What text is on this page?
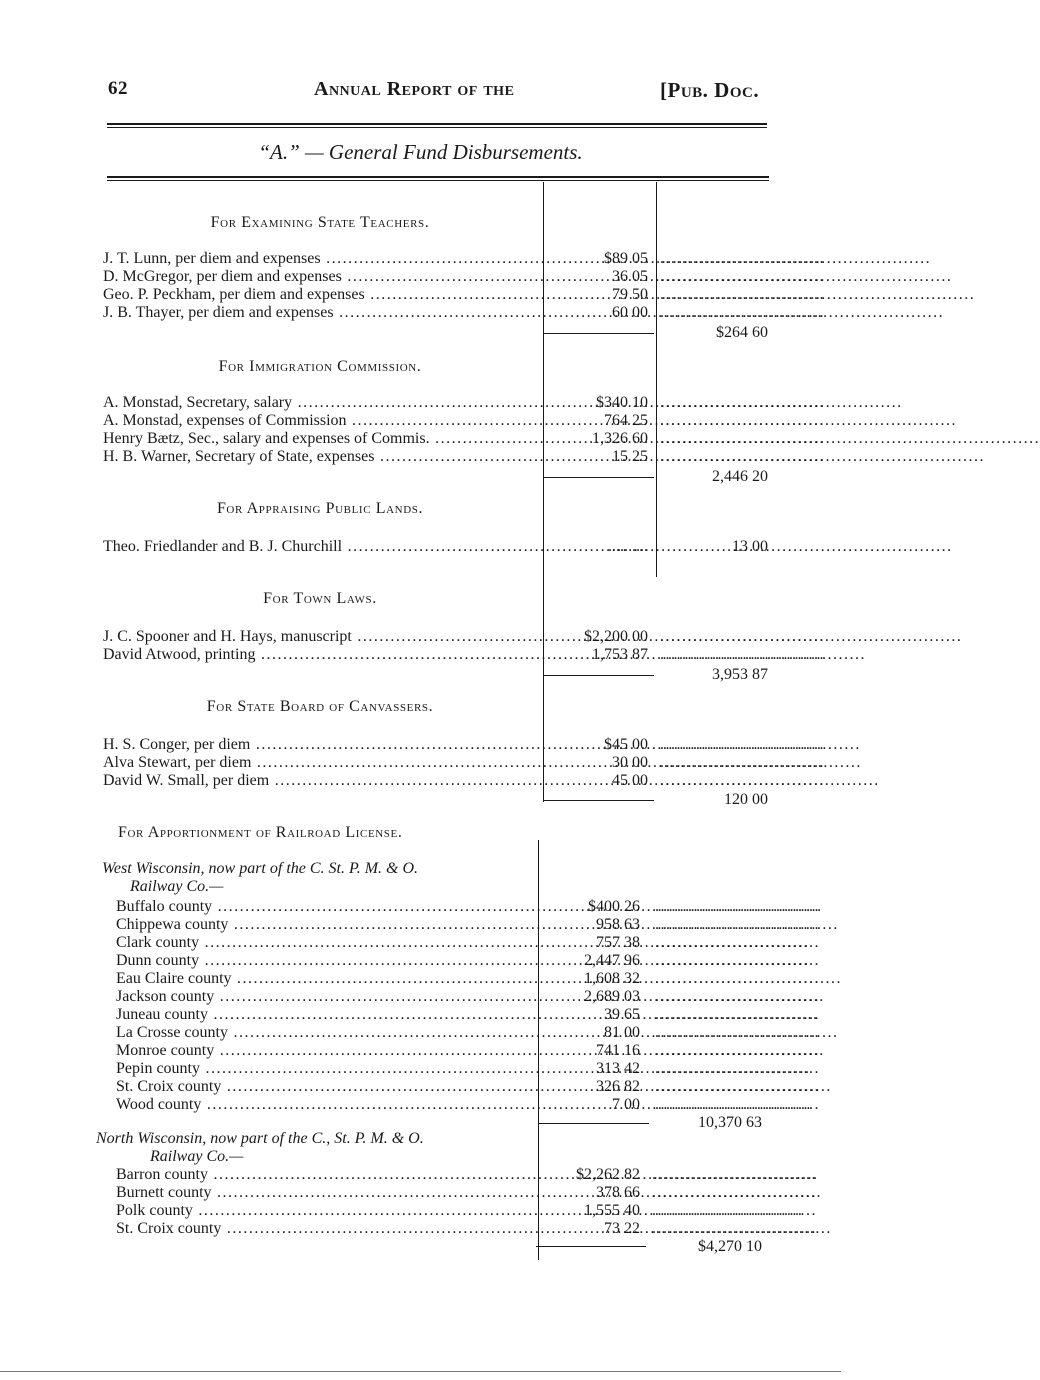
62	Annual Report of the	[Pub. Doc.
“A.” — General Fund Disbursements.
For Examining State Teachers.
J. T. Lunn, per diem and expenses .....	$89 05 ..............................
D. McGregor, per diem and expenses .....	36 05 ..............................
Geo. P. Peckham, per diem and expenses .....	79 50 ..............................
J. B. Thayer, per diem and expenses .....	60 00 ..............................
$264 60
For Immigration Commission.
A. Monstad, Secretary, salary .....	$340 10 ..............................
A. Monstad, expenses of Commission .....	764 25 ..............................
Henry Bætz, Sec., salary and expenses of Commis. .....	1,326 60 ..............................
H. B. Warner, Secretary of State, expenses .....	15 25 ..............................
2,446 20
For Appraising Public Lands.
Theo. Friedlander and B. J. Churchill .....	..... ....	13 00
For Town Laws.
J. C. Spooner and H. Hays, manuscript .....	$2,200 00 ..............................
David Atwood, printing .....	1,753 87 ..............................
3,953 87
For State Board of Canvassers.
H. S. Conger, per diem .....	$45 00 ..............................
Alva Stewart, per diem .....	30 00 ..............................
David W. Small, per diem .....	45 00 ..............................
120 00
For Apportionment of Railroad License.
West Wisconsin, now part of the C. St. P. M. & O.
Railway Co.—
Buffalo county .....	$400 26 ..............................
Chippewa county .....	958 63 ..............................
Clark county .....	757 38 ..............................
Dunn county .....	2,447 96 ..............................
Eau Claire county .....	1,608 32 ..............................
Jackson county .....	2,689 03 ..............................
Juneau county .....	39 65 ..............................
La Crosse county .....	81 00 ..............................
Monroe county .....	741 16 ..............................
Pepin county .....	313 42 ..............................
St. Croix county .....	326 82 ..............................
Wood county .....	7 00 ..............................
10,370 63
North Wisconsin, now part of the C., St. P. M. & O.
Railway Co.—
Barron county .....	$2,262 82 ..............................
Burnett county .....	378 66 ..............................
Polk county .....	1,555 40 ..............................
St. Croix county .....	73 22 ..............................
$4,270 10
